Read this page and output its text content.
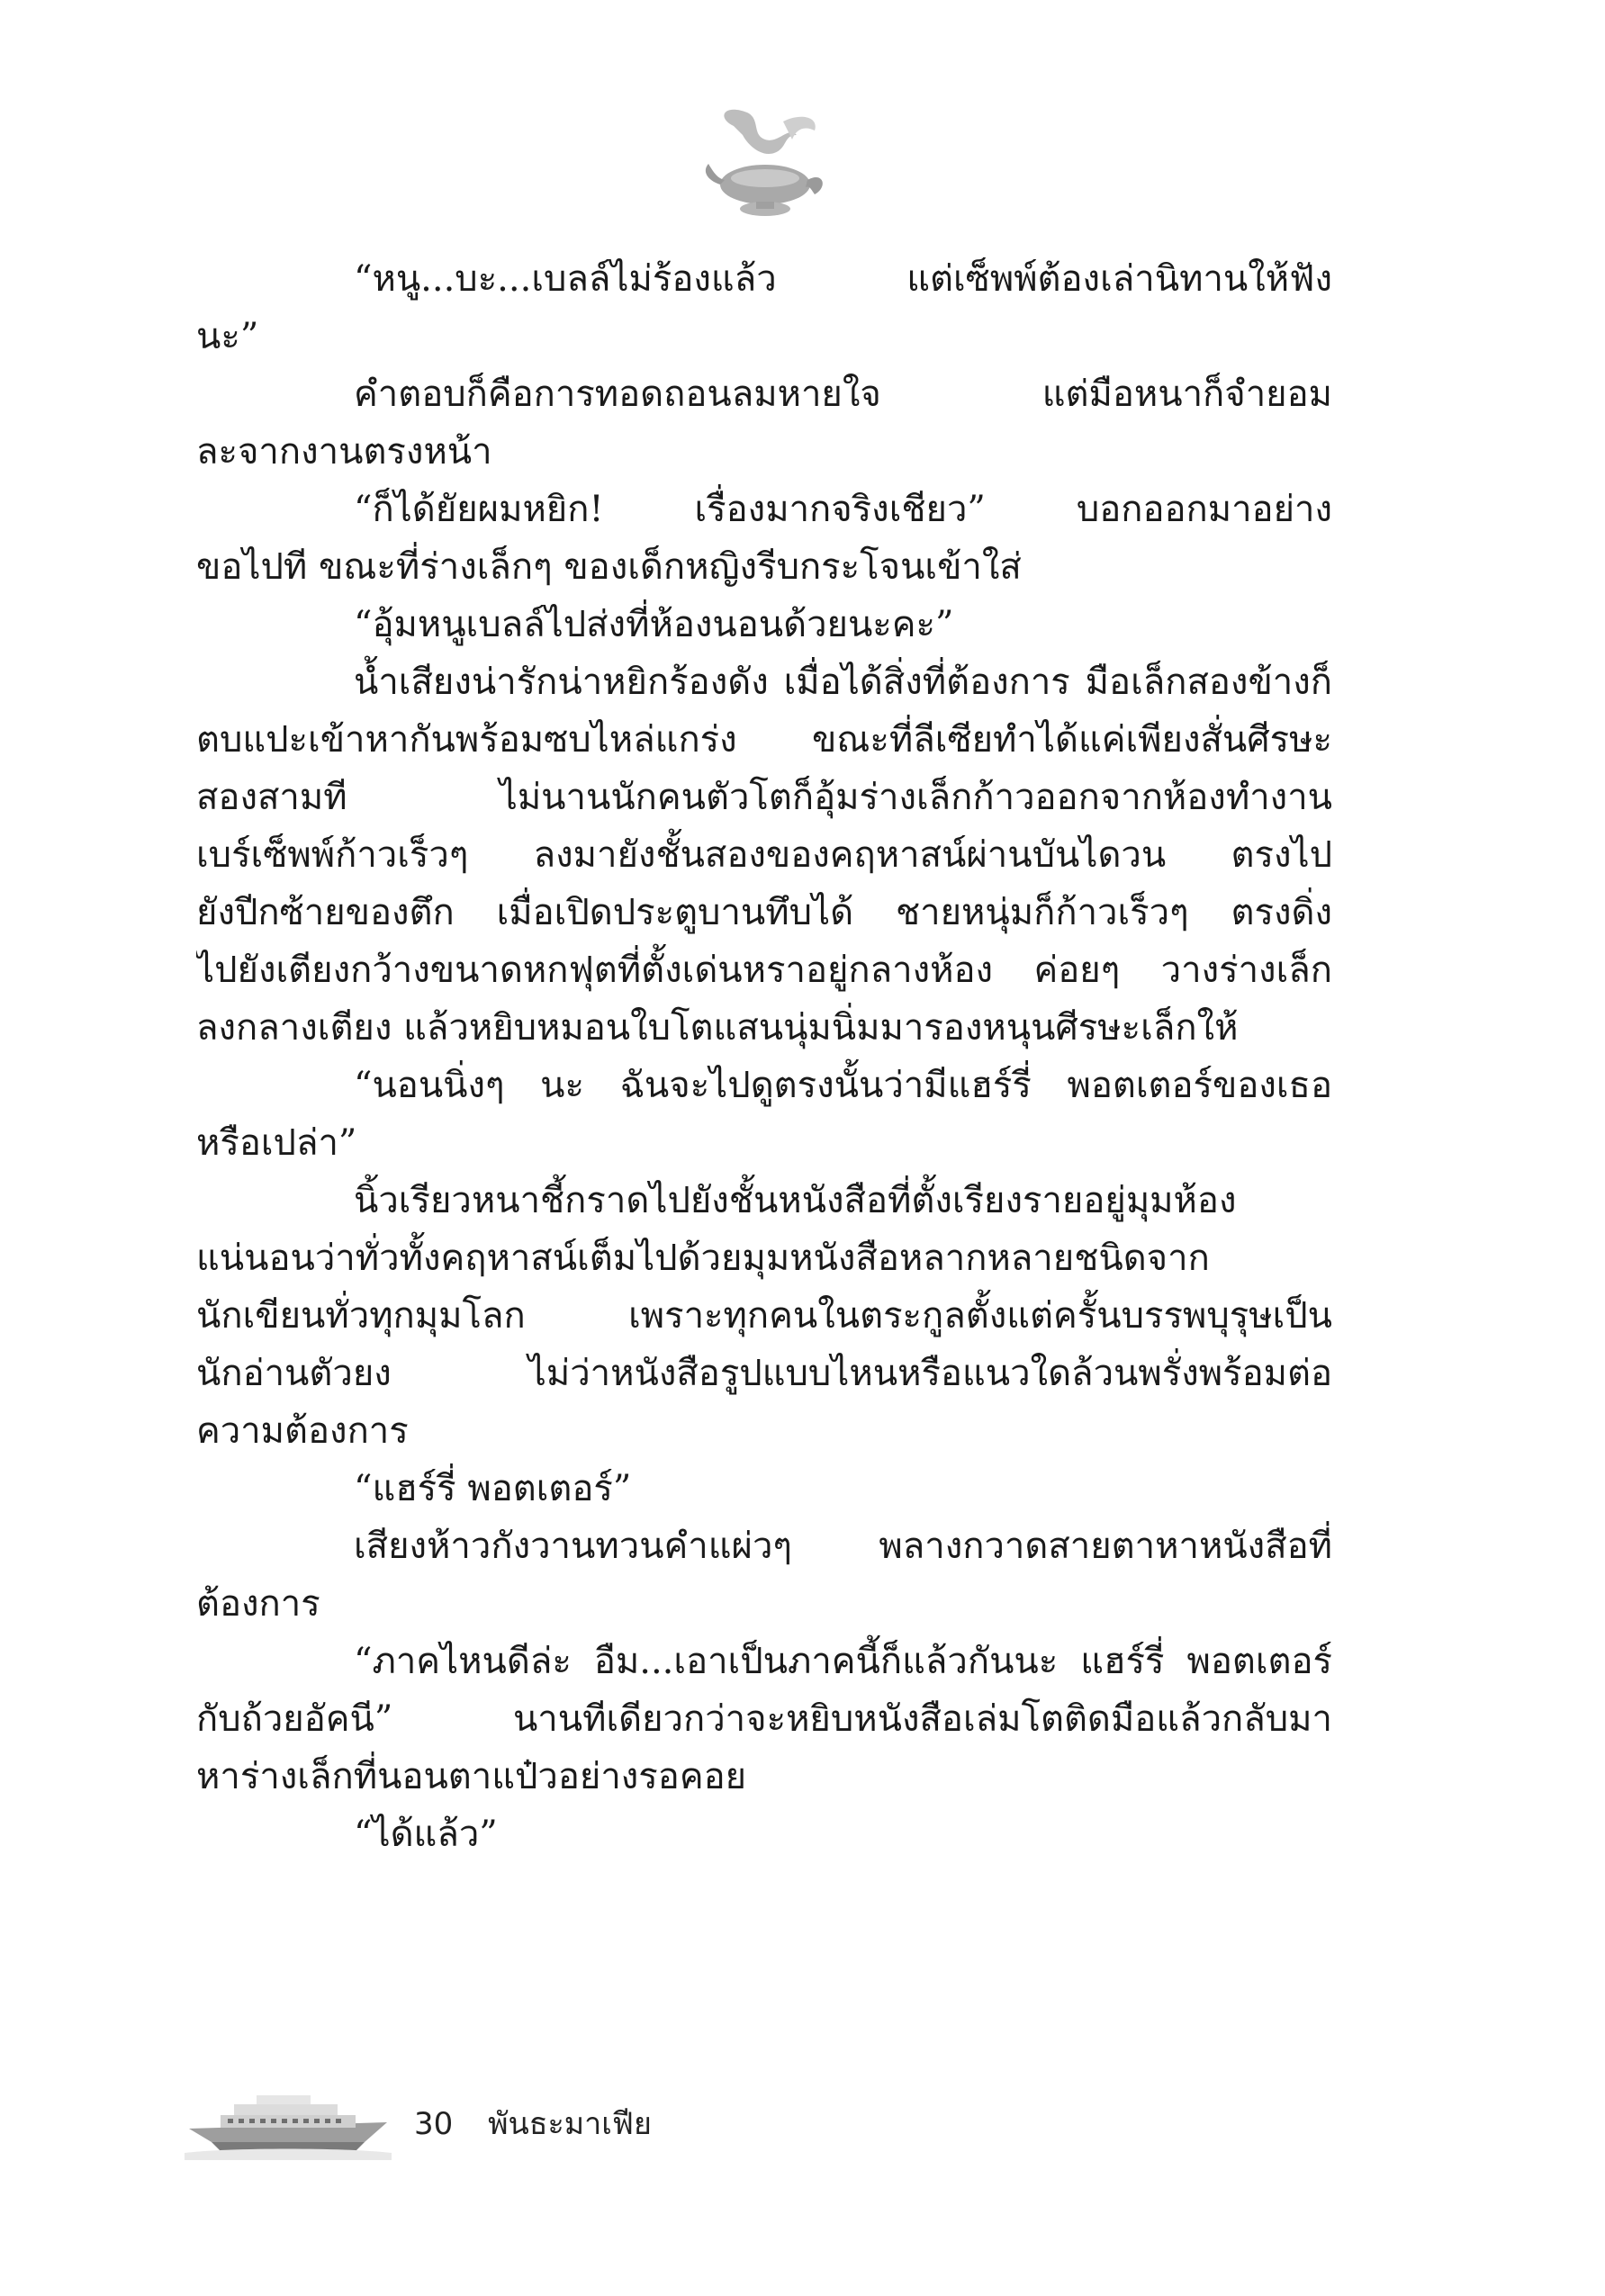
“หนู...บะ...เบลล์ไม่ร้องแล้ว แต่เซ็พพ์ต้องเล่านิทานให้ฟัง
นะ”
คำตอบก็คือการทอดถอนลมหายใจ แต่มือหนาก็จำยอม
ละจากงานตรงหน้า
“ก็ได้ยัยผมหยิก! เรื่องมากจริงเชียว” บอกออกมาอย่าง
ขอไปที ขณะที่ร่างเล็กๆ ของเด็กหญิงรีบกระโจนเข้าใส่
“อุ้มหนูเบลล์ไปส่งที่ห้องนอนด้วยนะคะ”
น้ำเสียงน่ารักน่าหยิกร้องดัง เมื่อได้สิ่งที่ต้องการ มือเล็กสองข้างก็
ตบแปะเข้าหากันพร้อมซบไหล่แกร่ง ขณะที่ลีเซียทำได้แค่เพียงสั่นศีรษะ
สองสามที ไม่นานนักคนตัวโตก็อุ้มร่างเล็กก้าวออกจากห้องทำงาน
เบร์เซ็พพ์ก้าวเร็วๆ ลงมายังชั้นสองของคฤหาสน์ผ่านบันไดวน ตรงไป
ยังปีกซ้ายของตึก เมื่อเปิดประตูบานทึบได้ ชายหนุ่มก็ก้าวเร็วๆ ตรงดิ่ง
ไปยังเตียงกว้างขนาดหกฟุตที่ตั้งเด่นหราอยู่กลางห้อง ค่อยๆ วางร่างเล็ก
ลงกลางเตียง แล้วหยิบหมอนใบโตแสนนุ่มนิ่มมารองหนุนศีรษะเล็กให้
“นอนนิ่งๆ นะ ฉันจะไปดูตรงนั้นว่ามีแฮร์รี่ พอตเตอร์ของเธอ
หรือเปล่า”
นิ้วเรียวหนาชี้กราดไปยังชั้นหนังสือที่ตั้งเรียงรายอยู่มุมห้อง
แน่นอนว่าทั่วทั้งคฤหาสน์เต็มไปด้วยมุมหนังสือหลากหลายชนิดจาก
นักเขียนทั่วทุกมุมโลก เพราะทุกคนในตระกูลตั้งแต่ครั้นบรรพบุรุษเป็น
นักอ่านตัวยง ไม่ว่าหนังสือรูปแบบไหนหรือแนวใดล้วนพรั่งพร้อมต่อ
ความต้องการ
“แฮร์รี่ พอตเตอร์”
เสียงห้าวกังวานทวนคำแผ่วๆ พลางกวาดสายตาหาหนังสือที่
ต้องการ
“ภาคไหนดีล่ะ อืม...เอาเป็นภาคนี้ก็แล้วกันนะ แฮร์รี่ พอตเตอร์
กับถ้วยอัคนี” นานทีเดียวกว่าจะหยิบหนังสือเล่มโตติดมือแล้วกลับมา
หาร่างเล็กที่นอนตาแป๋วอย่างรอคอย
“ได้แล้ว”
30 พันธะมาเฟีย
